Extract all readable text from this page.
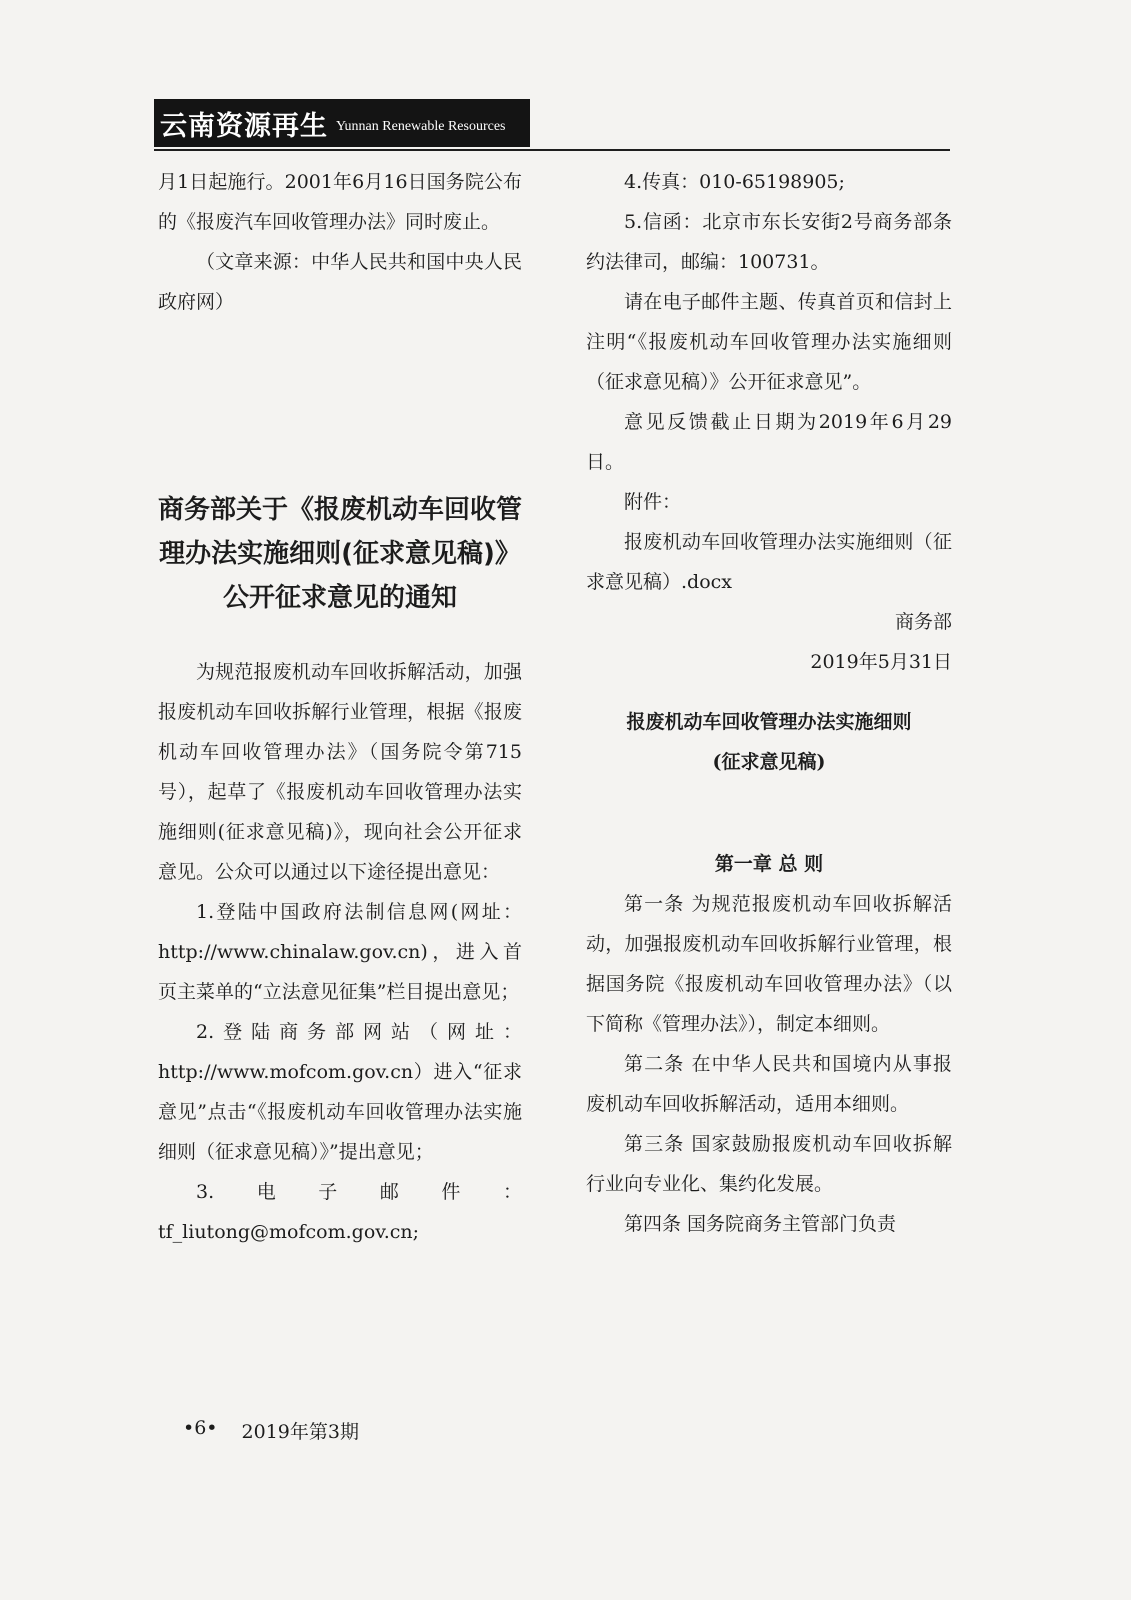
云南资源再生 Yunnan Renewable Resources

月1日起施行。2001年6月16日国务院公布的《报废汽车回收管理办法》同时废止。

（文章来源：中华人民共和国中央人民政府网）

商务部关于《报废机动车回收管

理办法实施细则(征求意见稿)》

公开征求意见的通知

为规范报废机动车回收拆解活动，加强报废机动车回收拆解行业管理，根据《报废机动车回收管理办法》（国务院令第715号），起草了《报废机动车回收管理办法实施细则(征求意见稿)》，现向社会公开征求意见。公众可以通过以下途径提出意见：

1.登陆中国政府法制信息网(网址：http://www.chinalaw.gov.cn)，进入首页主菜单的“立法意见征集”栏目提出意见；

2.登陆商务部网站（网址：http://www.mofcom.gov.cn）进入“征求意见”点击“《报废机动车回收管理办法实施细则（征求意见稿）》”提出意见；

3. 电 子 邮 件 ：

tf_liutong@mofcom.gov.cn;

4.传真：010-65198905;

5.信函：北京市东长安街2号商务部条约法律司，邮编：100731。

请在电子邮件主题、传真首页和信封上注明“《报废机动车回收管理办法实施细则（征求意见稿）》公开征求意见”。

意见反馈截止日期为2019年6月29日。

附件：

报废机动车回收管理办法实施细则（征求意见稿）.docx

商务部

2019年5月31日

报废机动车回收管理办法实施细则

(征求意见稿)

第一章 总 则

第一条 为规范报废机动车回收拆解活动，加强报废机动车回收拆解行业管理，根据国务院《报废机动车回收管理办法》（以下简称《管理办法》），制定本细则。

第二条 在中华人民共和国境内从事报废机动车回收拆解活动，适用本细则。

第三条 国家鼓励报废机动车回收拆解行业向专业化、集约化发展。

第四条 国务院商务主管部门负责

•6• 2019年第3期
